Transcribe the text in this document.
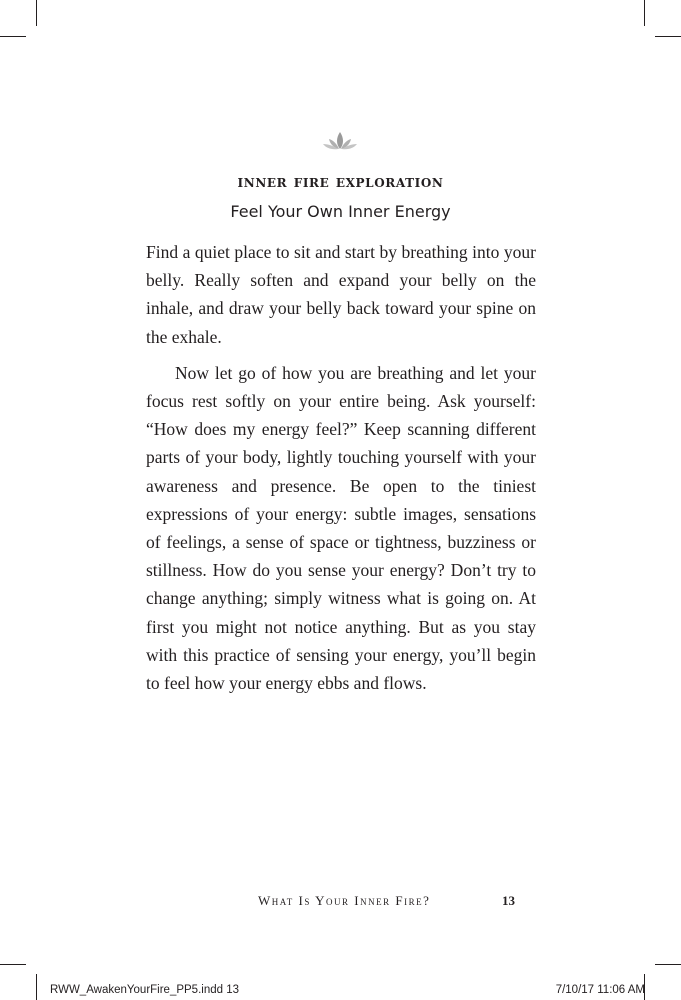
inner fire exploration
Feel Your Own Inner Energy

Find a quiet place to sit and start by breathing into your belly. Really soften and expand your belly on the inhale, and draw your belly back toward your spine on the exhale.

Now let go of how you are breathing and let your focus rest softly on your entire being. Ask yourself: “How does my energy feel?” Keep scanning different parts of your body, lightly touching yourself with your awareness and presence. Be open to the tiniest expressions of your energy: subtle images, sensations of feelings, a sense of space or tightness, buzziness or stillness. How do you sense your energy? Don’t try to change anything; simply witness what is going on. At first you might not notice anything. But as you stay with this practice of sensing your energy, you’ll begin to feel how your energy ebbs and flows.

What Is Your Inner Fire?	13
RWW_AwakenYourFire_PP5.indd 13	7/10/17 11:06 AM
